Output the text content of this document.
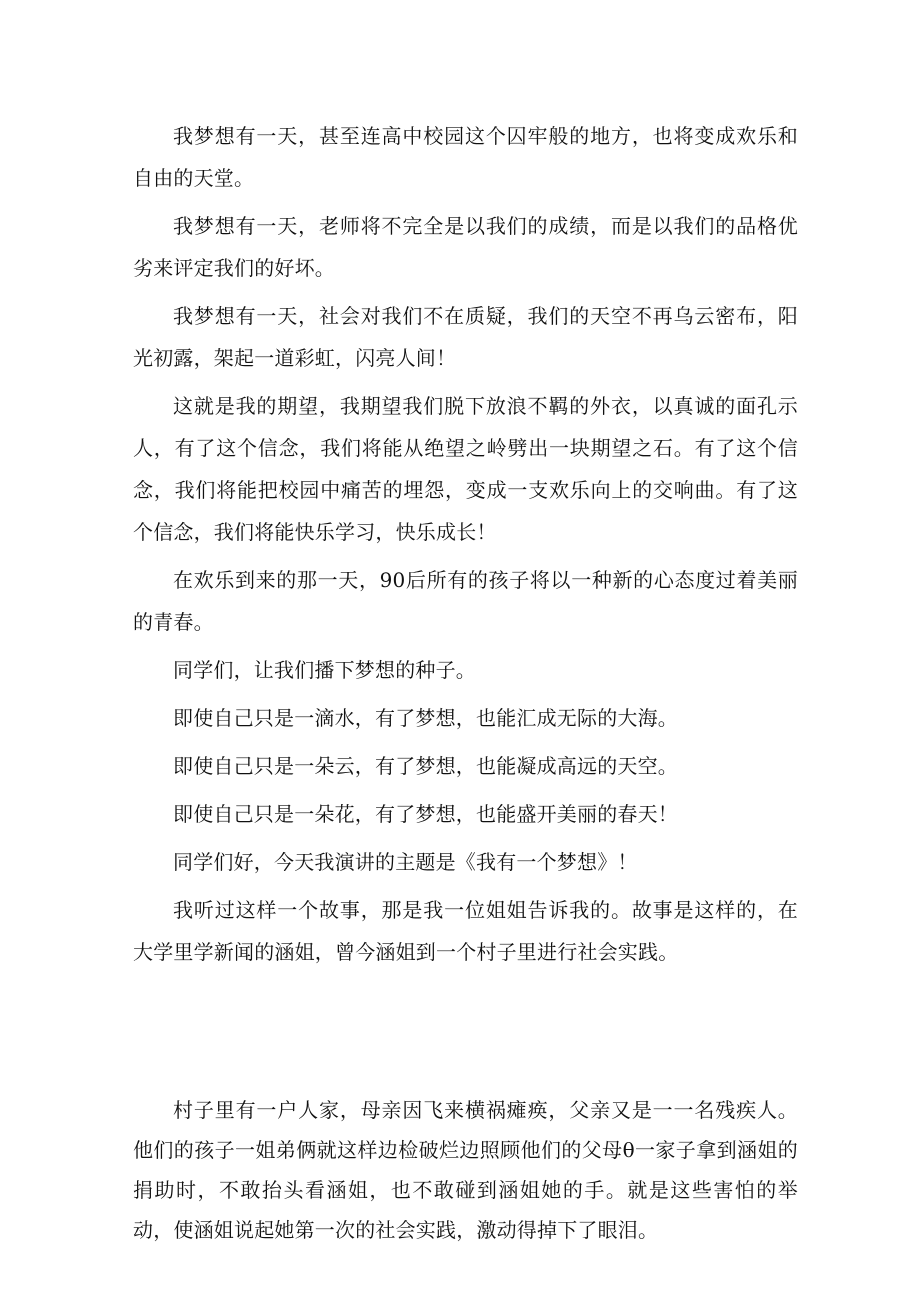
我梦想有一天，甚至连高中校园这个囚牢般的地方，也将变成欢乐和自由的天堂。

我梦想有一天，老师将不完全是以我们的成绩，而是以我们的品格优劣来评定我们的好坏。

我梦想有一天，社会对我们不在质疑，我们的天空不再乌云密布，阳光初露，架起一道彩虹，闪亮人间！

这就是我的期望，我期望我们脱下放浪不羁的外衣，以真诚的面孔示人，有了这个信念，我们将能从绝望之岭劈出一块期望之石。有了这个信念，我们将能把校园中痛苦的埋怨，变成一支欢乐向上的交响曲。有了这个信念，我们将能快乐学习，快乐成长！

在欢乐到来的那一天，90后所有的孩子将以一种新的心态度过着美丽的青春。

同学们，让我们播下梦想的种子。

即使自己只是一滴水，有了梦想，也能汇成无际的大海。

即使自己只是一朵云，有了梦想，也能凝成高远的天空。

即使自己只是一朵花，有了梦想，也能盛开美丽的春天！

同学们好，今天我演讲的主题是《我有一个梦想》！

我听过这样一个故事，那是我一位姐姐告诉我的。故事是这样的，在大学里学新闻的涵姐，曾今涵姐到一个村子里进行社会实践。

村子里有一户人家，母亲因飞来横祸瘫痪，父亲又是一一名残疾人。他们的孩子一姐弟俩就这样边检破烂边照顾他们的父母θ一家子拿到涵姐的捐助时，不敢抬头看涵姐，也不敢碰到涵姐她的手。就是这些害怕的举动，使涵姐说起她第一次的社会实践，激动得掉下了眼泪。
